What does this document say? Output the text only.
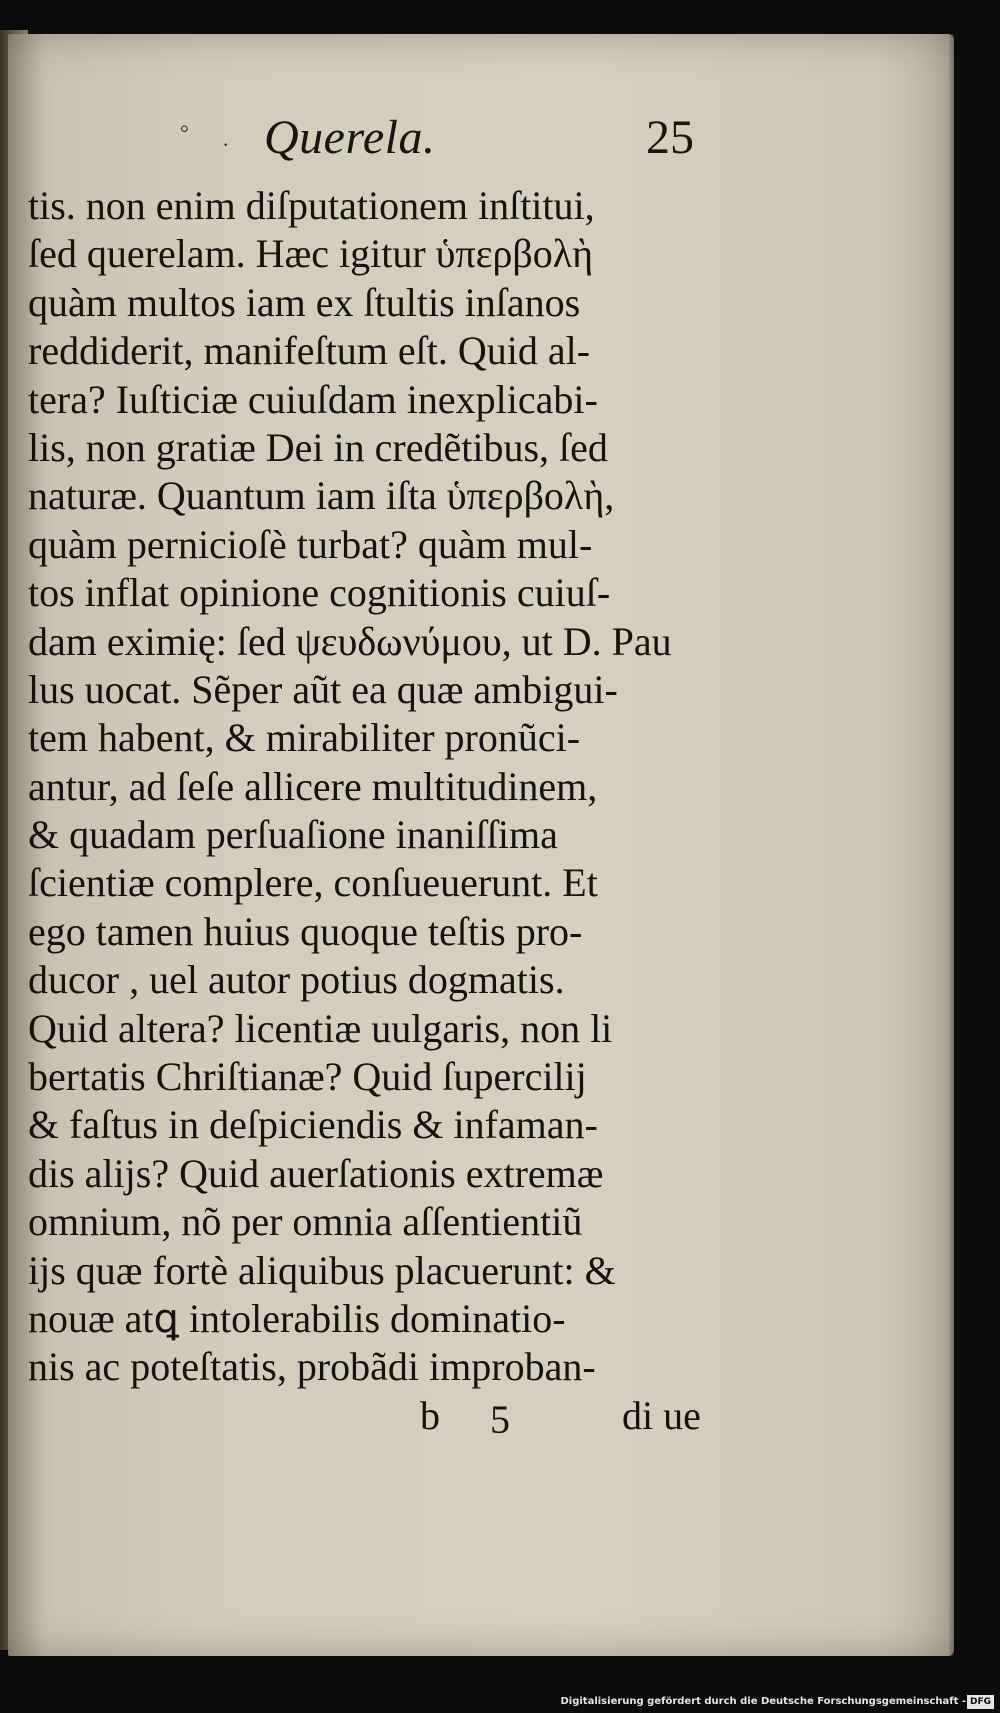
° · Querela.	25
tis. non enim diſputationem inſtitui,
ſed querelam. Hæc igitur ὑπερβολὴ
quàm multos iam ex ſtultis inſanos
reddiderit, manifeſtum eſt. Quid al-
tera? Iuſticiæ cuiuſdam inexplicabi-
lis, non gratiæ Dei in credẽtibus, ſed
naturæ. Quantum iam iſta ὑπερβολὴ,
quàm pernicioſè turbat? quàm mul-
tos inflat opinione cognitionis cuiuſ-
dam eximię: ſed ψευδωνύμου, ut D. Pau
lus uocat. Sẽper aũt ea quæ ambigui-
tem habent, & mirabiliter pronũci-
antur, ad ſeſe allicere multitudinem,
& quadam perſuaſione inaniſſima
ſcientiæ complere, conſueuerunt. Et
ego tamen huius quoque teſtis pro-
ducor , uel autor potius dogmatis.
Quid altera? licentiæ uulgaris, non li
bertatis Chriſtianæ? Quid ſupercilij
& faſtus in deſpiciendis & infaman-
dis alijs? Quid auerſationis extremæ
omnium, nõ per omnia aſſentientiũ
ijs quæ fortè aliquibus placuerunt: &
nouæ atꝗ intolerabilis dominatio-
nis ac poteſtatis, probãdi improban-
b 5	di ue
Digitalisierung gefördert durch die Deutsche Forschungsgemeinschaft - DFG
